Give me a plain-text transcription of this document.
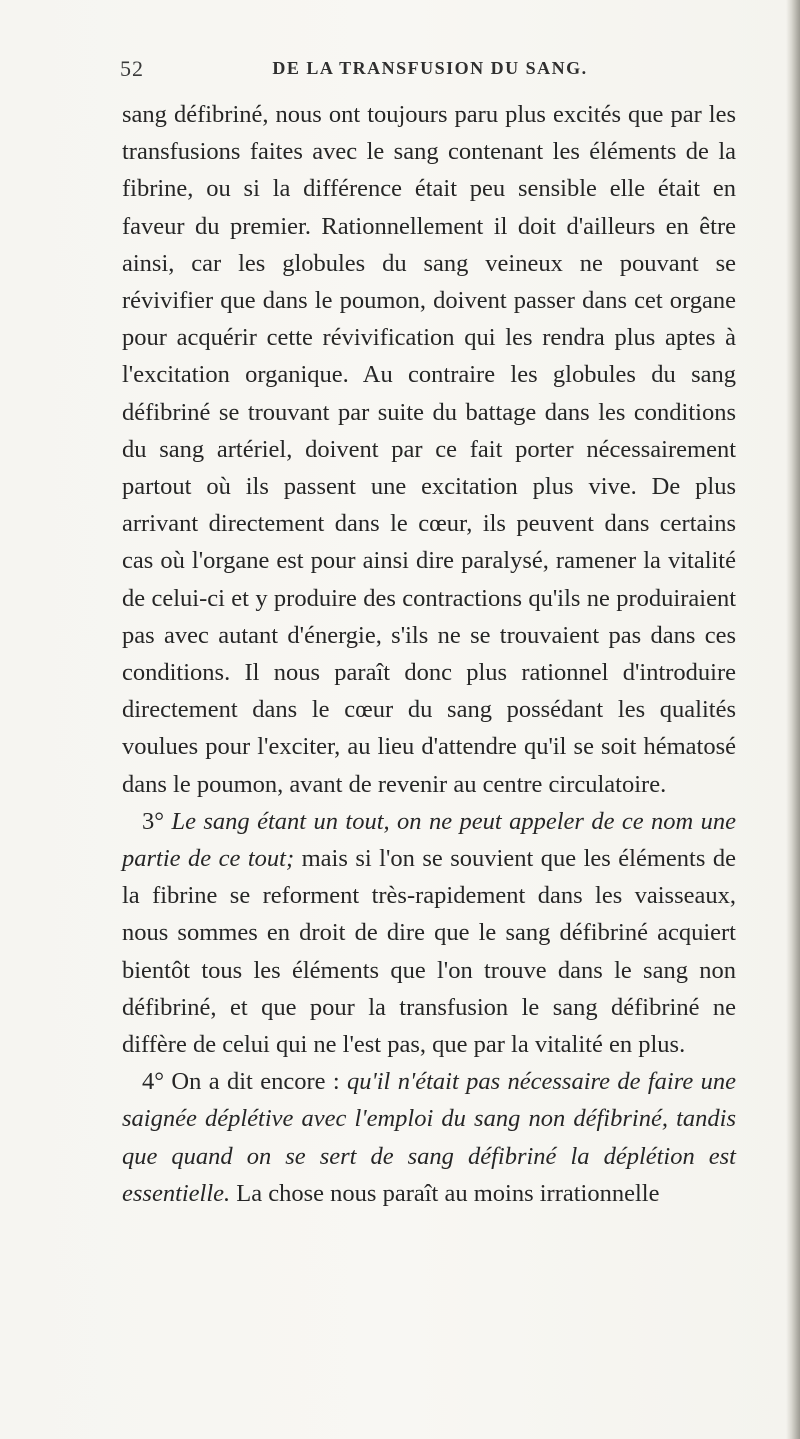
52	DE LA TRANSFUSION DU SANG.

sang défibriné, nous ont toujours paru plus excités que par les transfusions faites avec le sang contenant les éléments de la fibrine, ou si la différence était peu sensible elle était en faveur du premier. Rationnellement il doit d'ailleurs en être ainsi, car les globules du sang veineux ne pouvant se révivifier que dans le poumon, doivent passer dans cet organe pour acquérir cette révivification qui les rendra plus aptes à l'excitation organique. Au contraire les globules du sang défibriné se trouvant par suite du battage dans les conditions du sang artériel, doivent par ce fait porter nécessairement partout où ils passent une excitation plus vive. De plus arrivant directement dans le cœur, ils peuvent dans certains cas où l'organe est pour ainsi dire paralysé, ramener la vitalité de celui-ci et y produire des contractions qu'ils ne produiraient pas avec autant d'énergie, s'ils ne se trouvaient pas dans ces conditions. Il nous paraît donc plus rationnel d'introduire directement dans le cœur du sang possédant les qualités voulues pour l'exciter, au lieu d'attendre qu'il se soit hématosé dans le poumon, avant de revenir au centre circulatoire.

3° Le sang étant un tout, on ne peut appeler de ce nom une partie de ce tout; mais si l'on se souvient que les éléments de la fibrine se reforment très-rapidement dans les vaisseaux, nous sommes en droit de dire que le sang défibriné acquiert bientôt tous les éléments que l'on trouve dans le sang non défibriné, et que pour la transfusion le sang défibriné ne diffère de celui qui ne l'est pas, que par la vitalité en plus.

4° On a dit encore : qu'il n'était pas nécessaire de faire une saignée déplétive avec l'emploi du sang non défibriné, tandis que quand on se sert de sang défibriné la déplétion est essentielle. La chose nous paraît au moins irrationnelle
